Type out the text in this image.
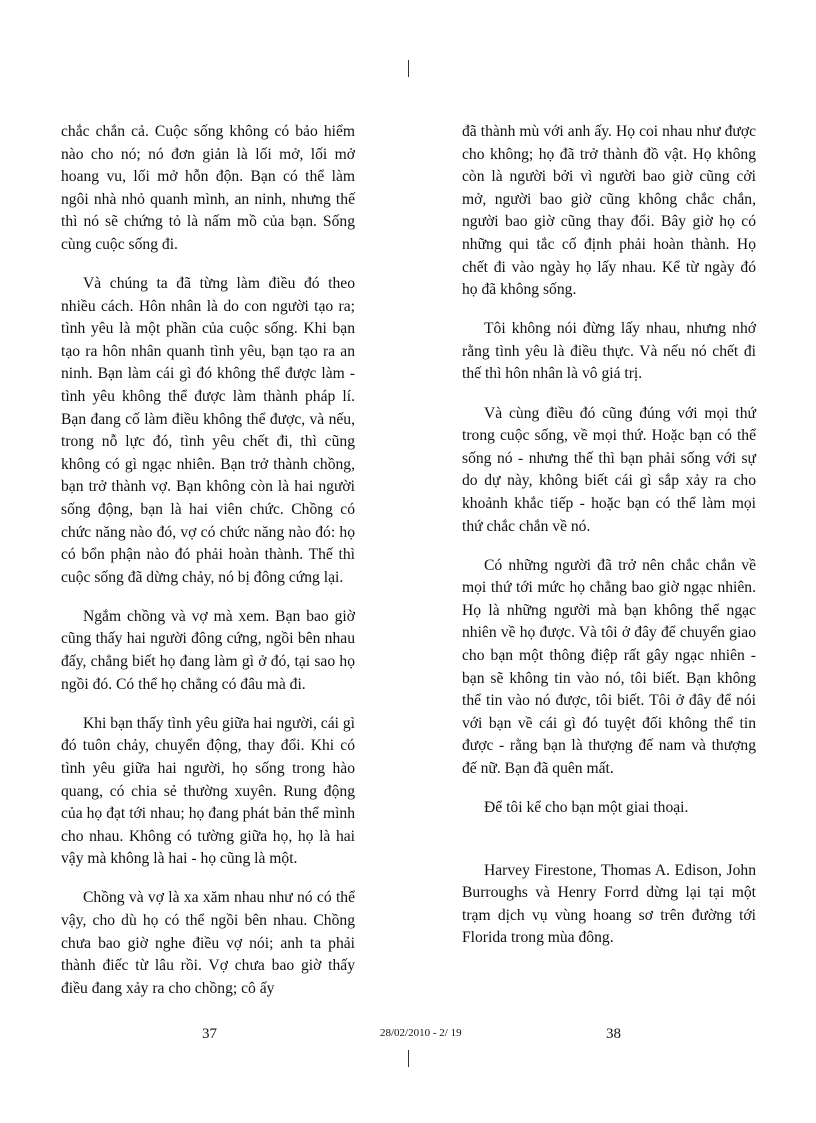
chắc chắn cả. Cuộc sống không có bảo hiểm nào cho nó; nó đơn giản là lối mở, lối mở hoang vu, lối mở hỗn độn. Bạn có thể làm ngôi nhà nhỏ quanh mình, an ninh, nhưng thế thì nó sẽ chứng tỏ là nấm mồ của bạn. Sống cùng cuộc sống đi.

Và chúng ta đã từng làm điều đó theo nhiều cách. Hôn nhân là do con người tạo ra; tình yêu là một phần của cuộc sống. Khi bạn tạo ra hôn nhân quanh tình yêu, bạn tạo ra an ninh. Bạn làm cái gì đó không thể được làm - tình yêu không thể được làm thành pháp lí. Bạn đang cố làm điều không thể được, và nếu, trong nỗ lực đó, tình yêu chết đi, thì cũng không có gì ngạc nhiên. Bạn trở thành chồng, bạn trở thành vợ. Bạn không còn là hai người sống động, bạn là hai viên chức. Chồng có chức năng nào đó, vợ có chức năng nào đó: họ có bổn phận nào đó phải hoàn thành. Thế thì cuộc sống đã dừng chảy, nó bị đông cứng lại.

Ngắm chồng và vợ mà xem. Bạn bao giờ cũng thấy hai người đông cứng, ngồi bên nhau đấy, chẳng biết họ đang làm gì ở đó, tại sao họ ngồi đó. Có thể họ chẳng có đâu mà đi.

Khi bạn thấy tình yêu giữa hai người, cái gì đó tuôn chảy, chuyển động, thay đổi. Khi có tình yêu giữa hai người, họ sống trong hào quang, có chia sẻ thường xuyên. Rung động của họ đạt tới nhau; họ đang phát bản thể mình cho nhau. Không có tường giữa họ, họ là hai vậy mà không là hai - họ cũng là một.

Chồng và vợ là xa xăm nhau như nó có thể vậy, cho dù họ có thể ngồi bên nhau. Chồng chưa bao giờ nghe điều vợ nói; anh ta phải thành điếc từ lâu rồi. Vợ chưa bao giờ thấy điều đang xảy ra cho chồng; cô ấy

đã thành mù với anh ấy. Họ coi nhau như được cho không; họ đã trở thành đồ vật. Họ không còn là người bởi vì người bao giờ cũng cởi mở, người bao giờ cũng không chắc chắn, người bao giờ cũng thay đổi. Bây giờ họ có những qui tắc cố định phải hoàn thành. Họ chết đi vào ngày họ lấy nhau. Kể từ ngày đó họ đã không sống.

Tôi không nói đừng lấy nhau, nhưng nhớ rằng tình yêu là điều thực. Và nếu nó chết đi thế thì hôn nhân là vô giá trị.

Và cùng điều đó cũng đúng với mọi thứ trong cuộc sống, về mọi thứ. Hoặc bạn có thể sống nó - nhưng thế thì bạn phải sống với sự do dự này, không biết cái gì sắp xảy ra cho khoảnh khắc tiếp - hoặc bạn có thể làm mọi thứ chắc chắn về nó.

Có những người đã trở nên chắc chắn về mọi thứ tới mức họ chẳng bao giờ ngạc nhiên. Họ là những người mà bạn không thể ngạc nhiên về họ được. Và tôi ở đây để chuyển giao cho bạn một thông điệp rất gây ngạc nhiên - bạn sẽ không tin vào nó, tôi biết. Bạn không thể tin vào nó được, tôi biết. Tôi ở đây để nói với bạn về cái gì đó tuyệt đối không thể tin được - rằng bạn là thượng đế nam và thượng đế nữ. Bạn đã quên mất.

Để tôi kể cho bạn một giai thoại.

Harvey Firestone, Thomas A. Edison, John Burroughs và Henry Forrd dừng lại tại một trạm dịch vụ vùng hoang sơ trên đường tới Florida trong mùa đông.

37	28/02/2010 - 2/ 19	38
